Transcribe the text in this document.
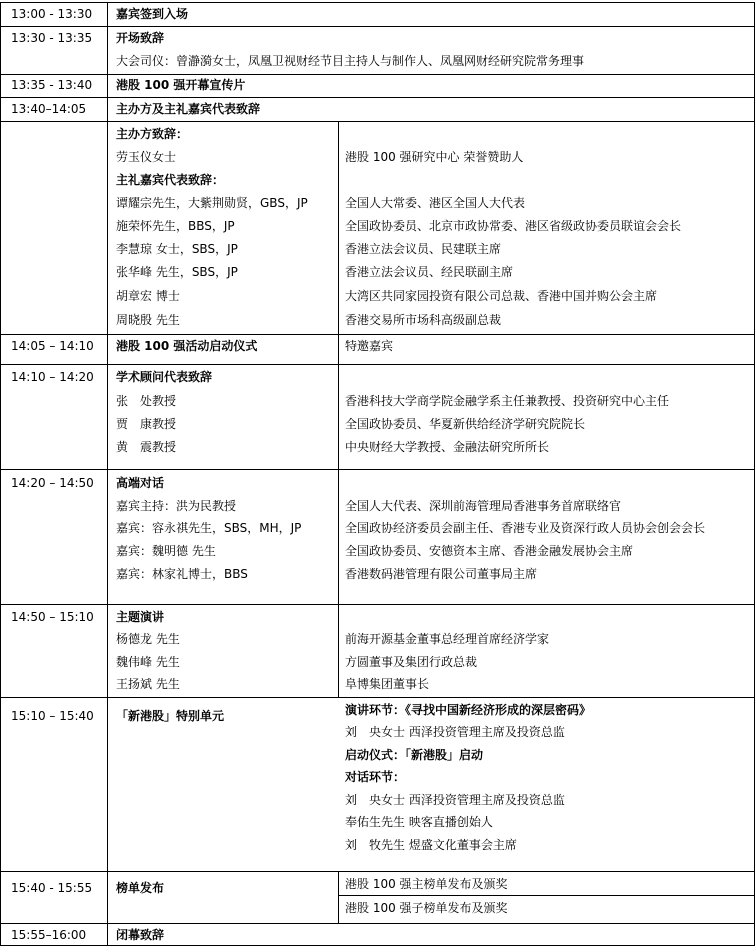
13:00 - 13:30 嘉宾签到入场
13:30 - 13:35 开场致辞
大会司仪：曾瀞漪女士，凤凰卫视财经节目主持人与制作人、凤凰网财经研究院常务理事
13:35 - 13:40 港股 100 强开幕宣传片
13:40–14:05 主办方及主礼嘉宾代表致辞
主办方致辞：
劳玉仪女士	港股 100 强研究中心 荣誉赞助人
主礼嘉宾代表致辞：
谭耀宗先生，大紫荆勋贤，GBS，JP	全国人大常委、港区全国人大代表
施荣怀先生，BBS，JP	全国政协委员、北京市政协常委、港区省级政协委员联谊会会长
李慧琼 女士，SBS，JP	香港立法会议员、民建联主席
张华峰 先生，SBS，JP	香港立法会议员、经民联副主席
胡章宏 博士	大湾区共同家园投资有限公司总裁、香港中国并购公会主席
周晓殷 先生	香港交易所市场科高级副总裁
14:05 – 14:10 港股 100 强活动启动仪式	特邀嘉宾
14:10 – 14:20 学术顾问代表致辞
张　处教授	香港科技大学商学院金融学系主任兼教授、投资研究中心主任
贾　康教授	全国政协委员、华夏新供给经济学研究院院长
黄　震教授	中央财经大学教授、金融法研究所所长
14:20 – 14:50 高端对话
嘉宾主持：洪为民教授	全国人大代表、深圳前海管理局香港事务首席联络官
嘉宾：容永祺先生，SBS，MH，JP	全国政协经济委员会副主任、香港专业及资深行政人员协会创会会长
嘉宾：魏明德 先生	全国政协委员、安德资本主席、香港金融发展协会主席
嘉宾：林家礼博士，BBS	香港数码港管理有限公司董事局主席
14:50 – 15:10 主题演讲
杨德龙 先生	前海开源基金董事总经理首席经济学家
魏伟峰 先生	方圆董事及集团行政总裁
王扬斌 先生	阜博集团董事长
15:10 – 15:40 「新港股」特别单元	演讲环节：《寻找中国新经济形成的深层密码》
刘　央女士 西泽投资管理主席及投资总监
启动仪式：「新港股」启动
对话环节：
刘　央女士 西泽投资管理主席及投资总监
奉佑生先生 映客直播创始人
刘　牧先生 煜盛文化董事会主席
15:40 - 15:55 榜单发布	港股 100 强主榜单发布及颁奖
港股 100 强子榜单发布及颁奖
15:55–16:00 闭幕致辞
